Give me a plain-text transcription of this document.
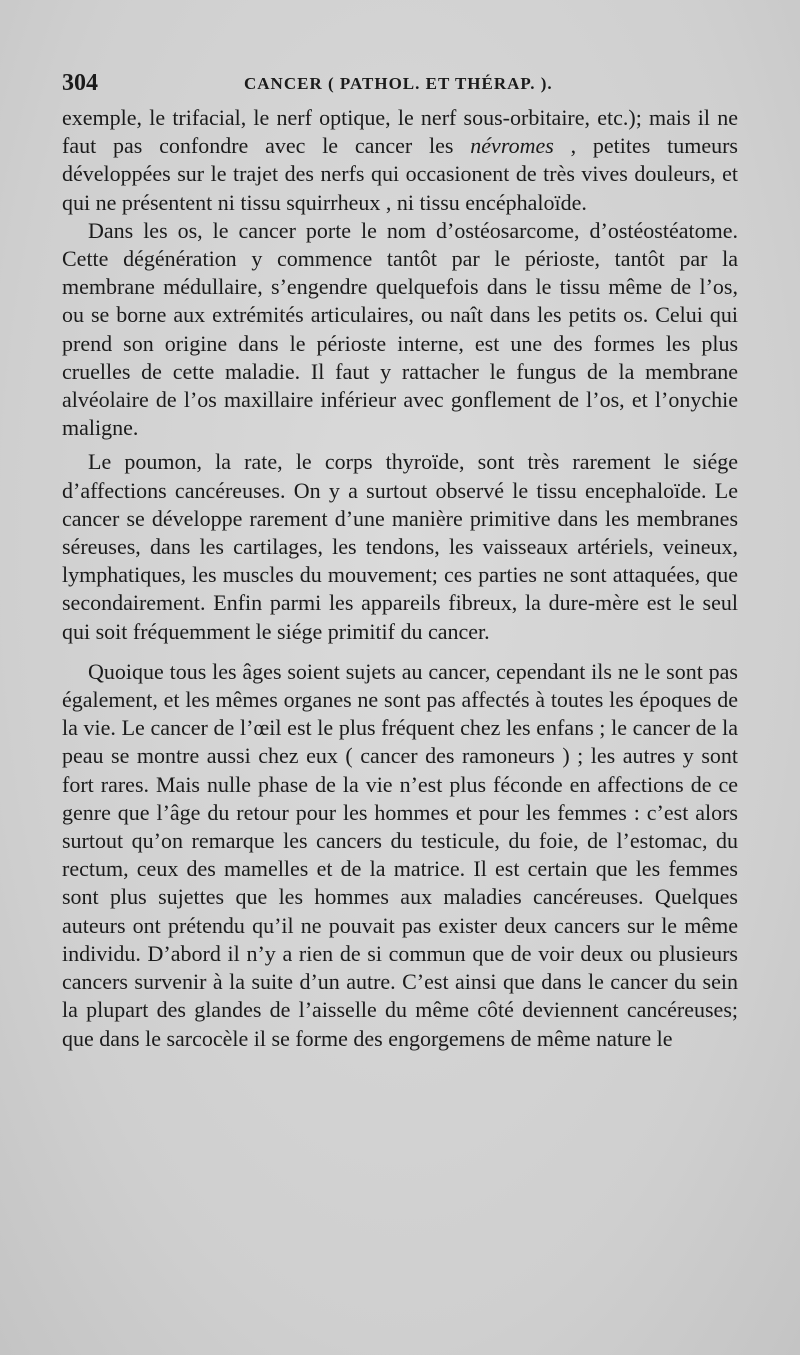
304	CANCER ( PATHOL. ET THÉRAP. ).

exemple, le trifacial, le nerf optique, le nerf sous-orbitaire, etc.); mais il ne faut pas confondre avec le cancer les névromes , petites tumeurs développées sur le trajet des nerfs qui occasionent de très vives douleurs, et qui ne présentent ni tissu squirrheux , ni tissu encéphaloïde.

Dans les os, le cancer porte le nom d’ostéosarcome, d’ostéostéatome. Cette dégénération y commence tantôt par le périoste, tantôt par la membrane médullaire, s’engendre quelquefois dans le tissu même de l’os, ou se borne aux extrémités articulaires, ou naît dans les petits os. Celui qui prend son origine dans le périoste interne, est une des formes les plus cruelles de cette maladie. Il faut y rattacher le fungus de la membrane alvéolaire de l’os maxillaire inférieur avec gonflement de l’os, et l’onychie maligne.

Le poumon, la rate, le corps thyroïde, sont très rarement le siége d’affections cancéreuses. On y a surtout observé le tissu encephaloïde. Le cancer se développe rarement d’une manière primitive dans les membranes séreuses, dans les cartilages, les tendons, les vaisseaux artériels, veineux, lymphatiques, les muscles du mouvement; ces parties ne sont attaquées, que secondairement. Enfin parmi les appareils fibreux, la dure-mère est le seul qui soit fréquemment le siége primitif du cancer.

Quoique tous les âges soient sujets au cancer, cependant ils ne le sont pas également, et les mêmes organes ne sont pas affectés à toutes les époques de la vie. Le cancer de l’œil est le plus fréquent chez les enfans ; le cancer de la peau se montre aussi chez eux ( cancer des ramoneurs ) ; les autres y sont fort rares. Mais nulle phase de la vie n’est plus féconde en affections de ce genre que l’âge du retour pour les hommes et pour les femmes : c’est alors surtout qu’on remarque les cancers du testicule, du foie, de l’estomac, du rectum, ceux des mamelles et de la matrice. Il est certain que les femmes sont plus sujettes que les hommes aux maladies cancéreuses. Quelques auteurs ont prétendu qu’il ne pouvait pas exister deux cancers sur le même individu. D’abord il n’y a rien de si commun que de voir deux ou plusieurs cancers survenir à la suite d’un autre. C’est ainsi que dans le cancer du sein la plupart des glandes de l’aisselle du même côté deviennent cancéreuses; que dans le sarcocèle il se forme des engorgemens de même nature le
